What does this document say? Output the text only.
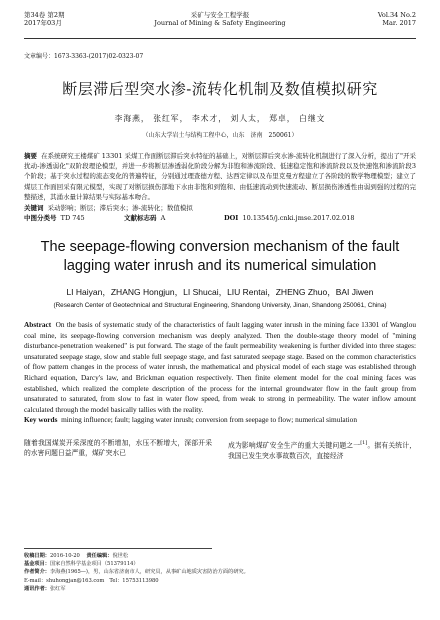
第34卷 第2期
2017年03月
采矿与安全工程学报
Journal of Mining & Safety Engineering
Vol.34 No.2
Mar. 2017
文章编号：1673-3363-(2017)02-0323-07
断层滞后型突水渗-流转化机制及数值模拟研究
李海燕， 张红军， 李术才， 刘人太， 郑卓， 白继文
（山东大学岩土与结构工程中心，山东　济南　250061）
摘要 在系统研究王楼煤矿 13301 采煤工作面断层滞后突水特征的基础上，对断层滞后突水渗-流转化机制进行了深入分析，提出了"开采扰动-渗透弱化"双阶段理论模型，并进一步将断层渗透弱化阶段分解为非饱和渗流阶段、低速稳定饱和渗流阶段以及快速饱和渗流阶段3个阶段；基于突水过程的流态变化的普遍特征，分别通过理查德方程、达西定律以及布里克曼方程建立了各阶段的数学物理模型；建立了煤层工作面回采有限元模型，实现了对断层损伤部地下水由非饱和到饱和、由低速流动到快速流动、断层损伤渗透性由弱到强的过程的完整描述，其涌水量计算结果与实际基本吻合。
关键词 采动影响；断层；滞后突水；渗-流转化；数值模拟
中图分类号 TD 745	文献标志码 A	DOI 10.13545/j.cnki.jmse.2017.02.018
The seepage-flowing conversion mechanism of the fault lagging water inrush and its numerical simulation
LI Haiyan，ZHANG Hongjun，LI Shucai，LIU Rentai，ZHENG Zhuo，BAI Jiwen
(Research Center of Geotechnical and Structural Engineering, Shandong University, Jinan, Shandong 250061, China)
Abstract On the basis of systematic study of the characteristics of fault lagging water inrush in the mining face 13301 of Wanglou coal mine, its seepage-flowing conversion mechanism was deeply analyzed. Then the double-stage theory model of "mining disturbance-penetration weakened" is put forward. The stage of the fault permeability weakening is further divided into three stages: unsaturated seepage stage, slow and stable full seepage stage, and fast saturated seepage stage. Based on the common characteristics of flow pattern changes in the process of water inrush, the mathematical and physical model of each stage was established through Richard equation, Darcy's law, and Brickman equation respectively. Then finite element model for the coal mining faces was established, which realized the complete description of the process for the internal groundwater flow in the fault group from unsaturated to saturated, from slow to fast in water flow speed, from weak to strong in permeability. The water inflow amount calculated through the model basically tallies with the reality.
Key words mining influence; fault; lagging water inrush; conversion from seepage to flow; numerical simulation
随着我国煤炭开采深度的不断增加，水压不断增大，深部开采的水害问题日益严重，煤矿突水已
成为影响煤矿安全生产的重大关键问题之一[1]。据有关统计，我国已发生突水事故数百次，直接经济
收稿日期：2016-10-20 责任编辑：倪世松
基金项目：国家自然科学基金项目（51379114）
作者简介：李海燕(1965—)，男，山东省济南市人，研究员，从事矿山地质灾害防治方面的研究。
E-mail：shuhongjan@163.com Tel：15753113980
通讯作者：张红军
